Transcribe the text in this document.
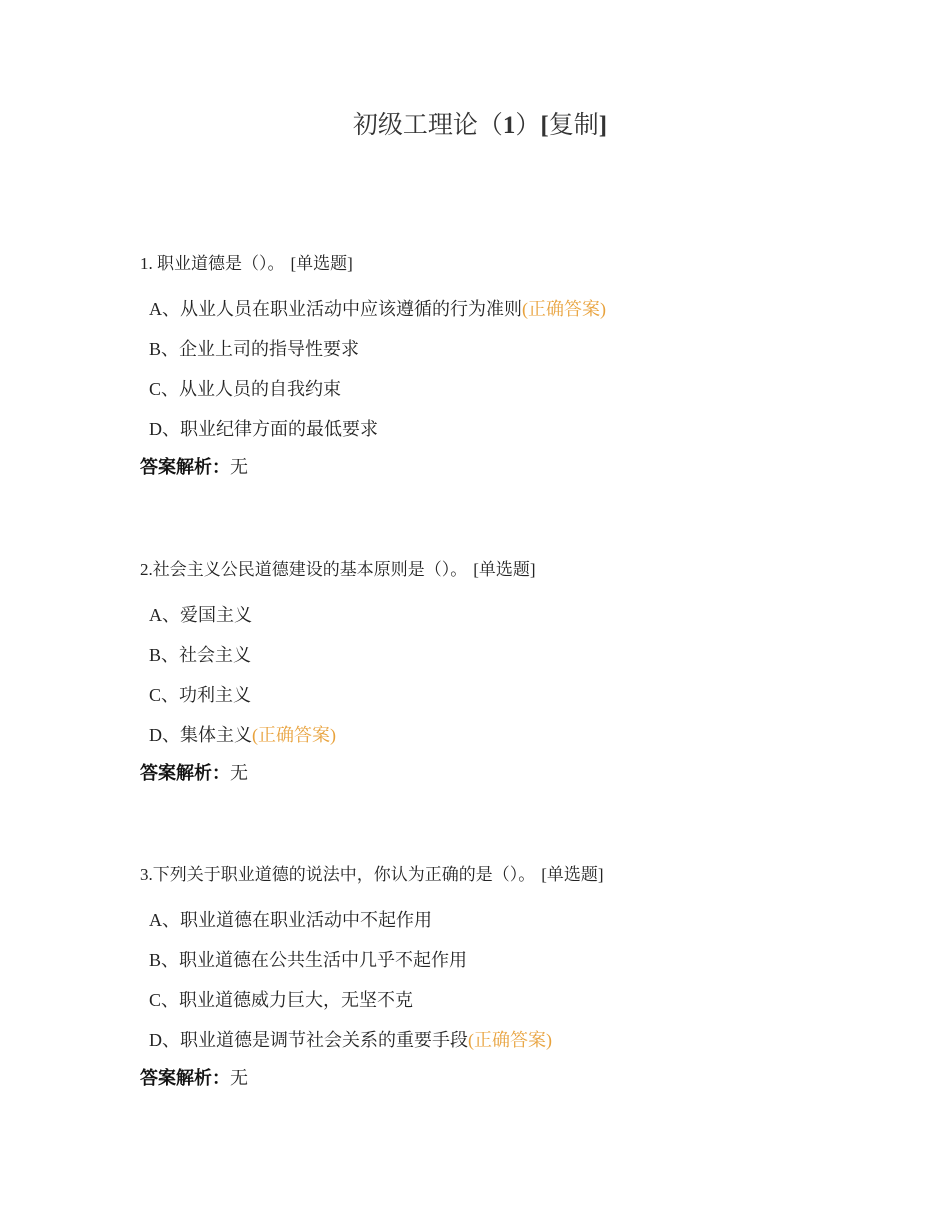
初级工理论（1）[复制]
1. 职业道德是（）。 [单选题]
A、从业人员在职业活动中应该遵循的行为准则(正确答案)
B、企业上司的指导性要求
C、从业人员的自我约束
D、职业纪律方面的最低要求
答案解析：无
2.社会主义公民道德建设的基本原则是（）。 [单选题]
A、爱国主义
B、社会主义
C、功利主义
D、集体主义(正确答案)
答案解析：无
3.下列关于职业道德的说法中，你认为正确的是（）。 [单选题]
A、职业道德在职业活动中不起作用
B、职业道德在公共生活中几乎不起作用
C、职业道德威力巨大，无坚不克
D、职业道德是调节社会关系的重要手段(正确答案)
答案解析：无
